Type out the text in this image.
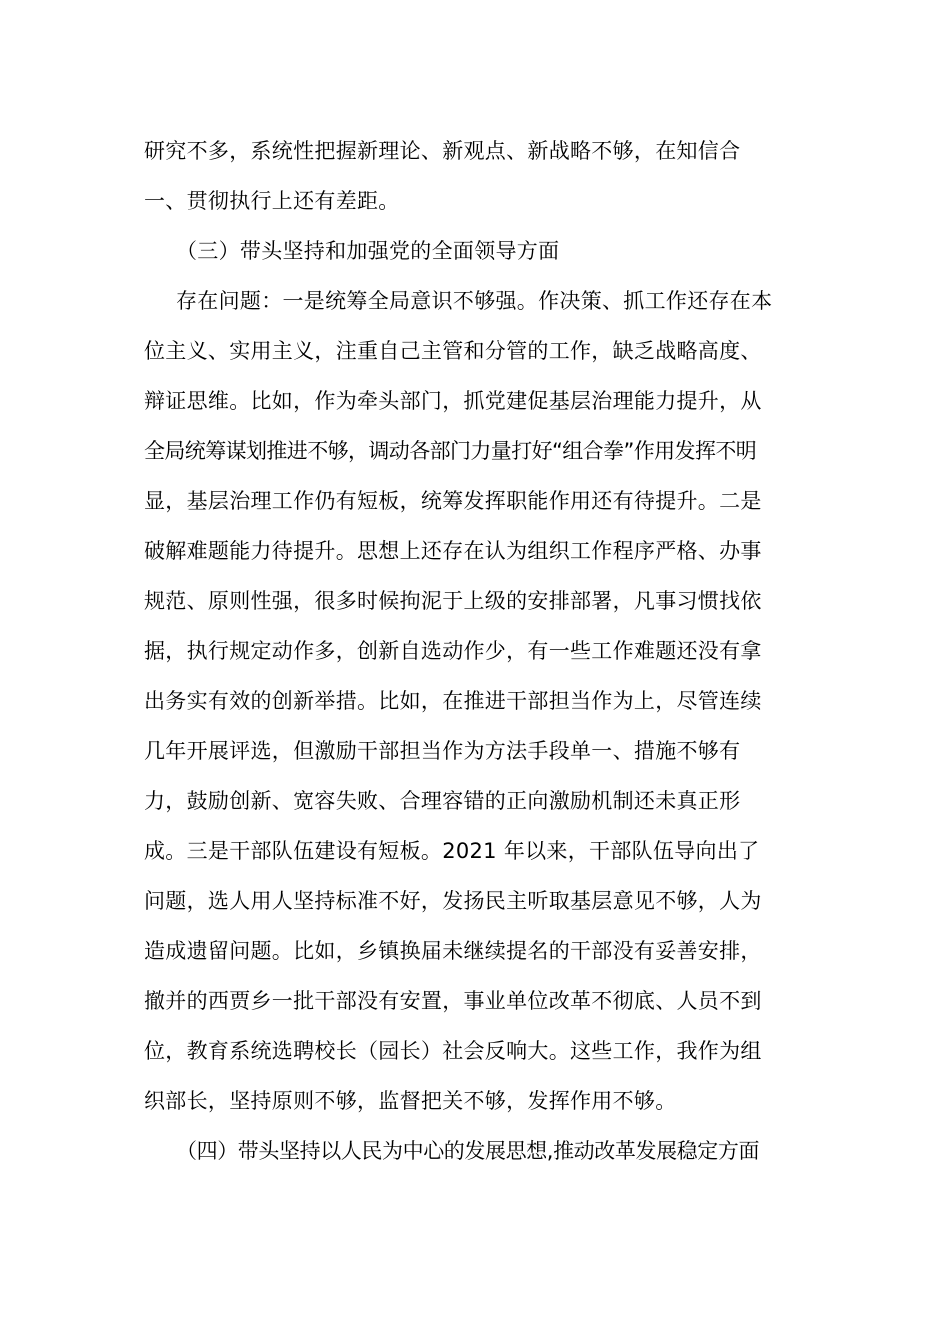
研究不多，系统性把握新理论、新观点、新战略不够，在知信合
一、贯彻执行上还有差距。
（三）带头坚持和加强党的全面领导方面
存在问题：一是统筹全局意识不够强。作决策、抓工作还存在本
位主义、实用主义，注重自己主管和分管的工作，缺乏战略高度、
辩证思维。比如，作为牵头部门，抓党建促基层治理能力提升，从
全局统筹谋划推进不够，调动各部门力量打好“组合拳”作用发挥不明
显，基层治理工作仍有短板，统筹发挥职能作用还有待提升。二是
破解难题能力待提升。思想上还存在认为组织工作程序严格、办事
规范、原则性强，很多时候拘泥于上级的安排部署，凡事习惯找依
据，执行规定动作多，创新自选动作少，有一些工作难题还没有拿
出务实有效的创新举措。比如，在推进干部担当作为上，尽管连续
几年开展评选，但激励干部担当作为方法手段单一、措施不够有
力，鼓励创新、宽容失败、合理容错的正向激励机制还未真正形
成。三是干部队伍建设有短板。2021 年以来，干部队伍导向出了
问题，选人用人坚持标准不好，发扬民主听取基层意见不够，人为
造成遗留问题。比如，乡镇换届未继续提名的干部没有妥善安排，
撤并的西贾乡一批干部没有安置，事业单位改革不彻底、人员不到
位，教育系统选聘校长（园长）社会反响大。这些工作，我作为组
织部长，坚持原则不够，监督把关不够，发挥作用不够。
（四）带头坚持以人民为中心的发展思想,推动改革发展稳定方面
